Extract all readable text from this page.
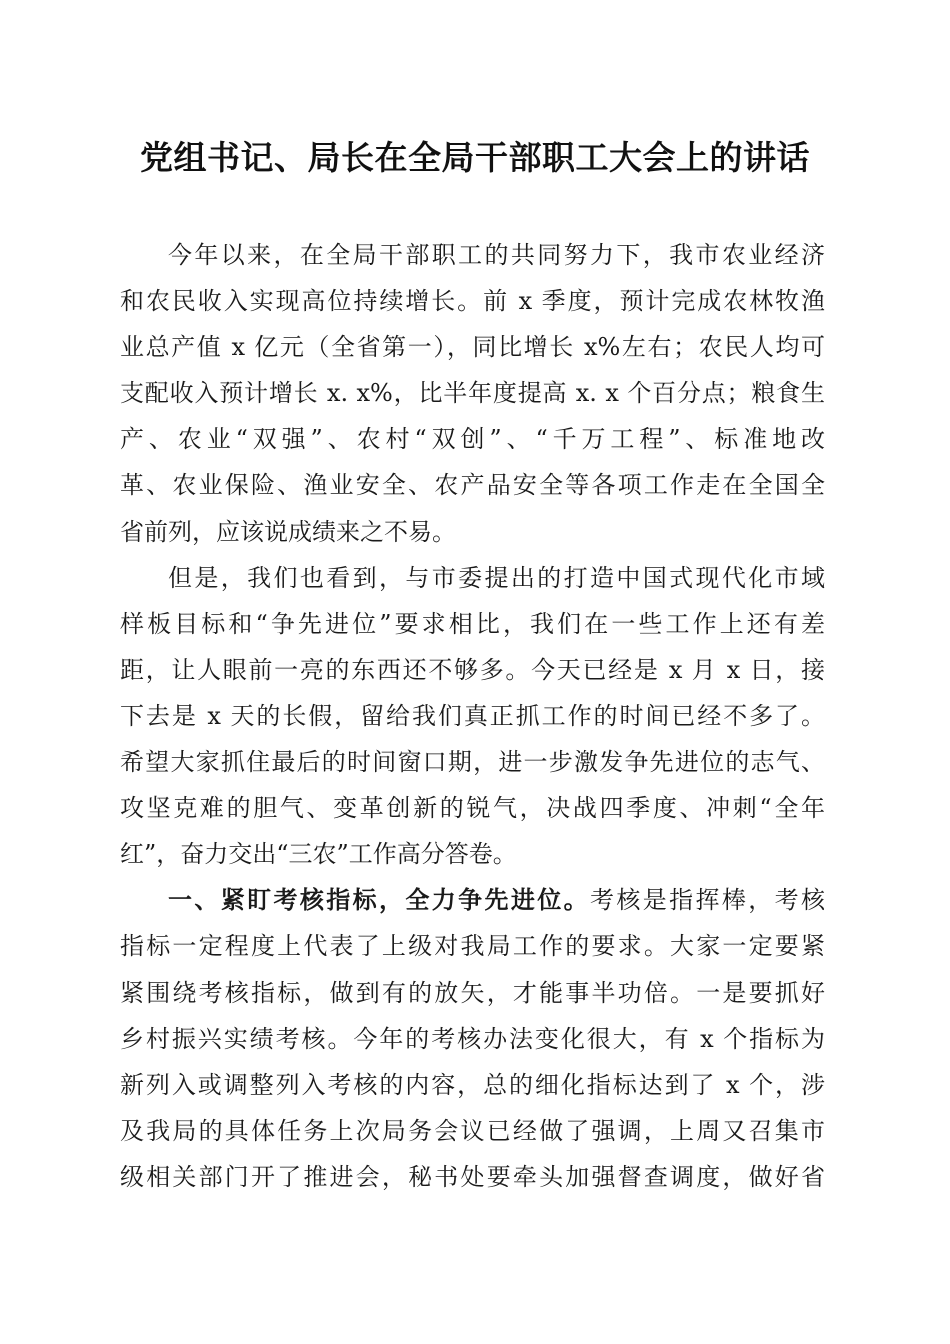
党组书记、局长在全局干部职工大会上的讲话
今年以来，在全局干部职工的共同努力下，我市农业经济
和农民收入实现高位持续增长。前 x 季度，预计完成农林牧渔
业总产值 x 亿元（全省第一），同比增长 x%左右；农民人均可
支配收入预计增长 x. x%，比半年度提高 x. x 个百分点；粮食生
产、农业“双强”、农村“双创”、“千万工程”、标准地改
革、农业保险、渔业安全、农产品安全等各项工作走在全国全
省前列，应该说成绩来之不易。
但是，我们也看到，与市委提出的打造中国式现代化市域
样板目标和“争先进位”要求相比，我们在一些工作上还有差
距，让人眼前一亮的东西还不够多。今天已经是 x 月 x 日，接
下去是 x 天的长假，留给我们真正抓工作的时间已经不多了。
希望大家抓住最后的时间窗口期，进一步激发争先进位的志气、
攻坚克难的胆气、变革创新的锐气，决战四季度、冲刺“全年
红”，奋力交出“三农”工作高分答卷。
一、紧盯考核指标，全力争先进位。考核是指挥棒，考核
指标一定程度上代表了上级对我局工作的要求。大家一定要紧
紧围绕考核指标，做到有的放矢，才能事半功倍。一是要抓好
乡村振兴实绩考核。今年的考核办法变化很大，有 x 个指标为
新列入或调整列入考核的内容，总的细化指标达到了 x 个，涉
及我局的具体任务上次局务会议已经做了强调，上周又召集市
级相关部门开了推进会，秘书处要牵头加强督查调度，做好省
